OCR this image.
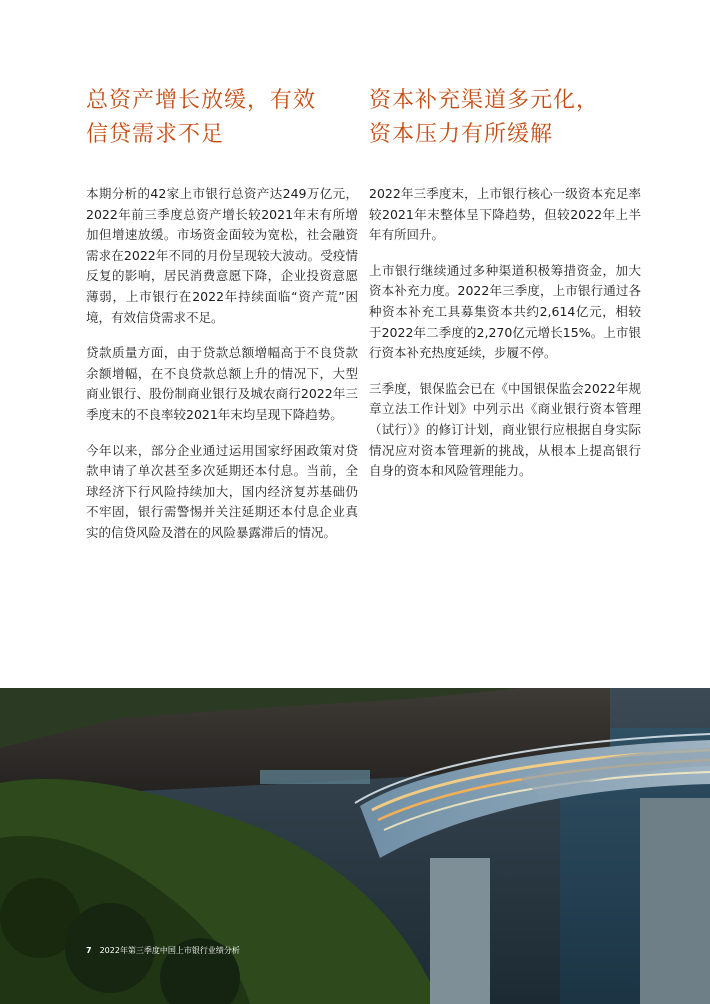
总资产增长放缓，有效
信贷需求不足

本期分析的42家上市银行总资产达249万亿元，2022年前三季度总资产增长较2021年末有所增加但增速放缓。市场资金面较为宽松，社会融资需求在2022年不同的月份呈现较大波动。受疫情反复的影响，居民消费意愿下降，企业投资意愿薄弱，上市银行在2022年持续面临“资产荒”困境，有效信贷需求不足。

贷款质量方面，由于贷款总额增幅高于不良贷款余额增幅，在不良贷款总额上升的情况下，大型商业银行、股份制商业银行及城农商行2022年三季度末的不良率较2021年末均呈现下降趋势。

今年以来，部分企业通过运用国家纾困政策对贷款申请了单次甚至多次延期还本付息。当前，全球经济下行风险持续加大，国内经济复苏基础仍不牢固，银行需警惕并关注延期还本付息企业真实的信贷风险及潜在的风险暴露滞后的情况。

资本补充渠道多元化，
资本压力有所缓解

2022年三季度末，上市银行核心一级资本充足率较2021年末整体呈下降趋势，但较2022年上半年有所回升。

上市银行继续通过多种渠道积极筹措资金，加大资本补充力度。2022年三季度，上市银行通过各种资本补充工具募集资本共约2,614亿元，相较于2022年二季度的2,270亿元增长15%。上市银行资本补充热度延续，步履不停。

三季度，银保监会已在《中国银保监会2022年规章立法工作计划》中列示出《商业银行资本管理（试行）》的修订计划，商业银行应根据自身实际情况应对资本管理新的挑战，从根本上提高银行自身的资本和风险管理能力。

7 2022年第三季度中国上市银行业绩分析
